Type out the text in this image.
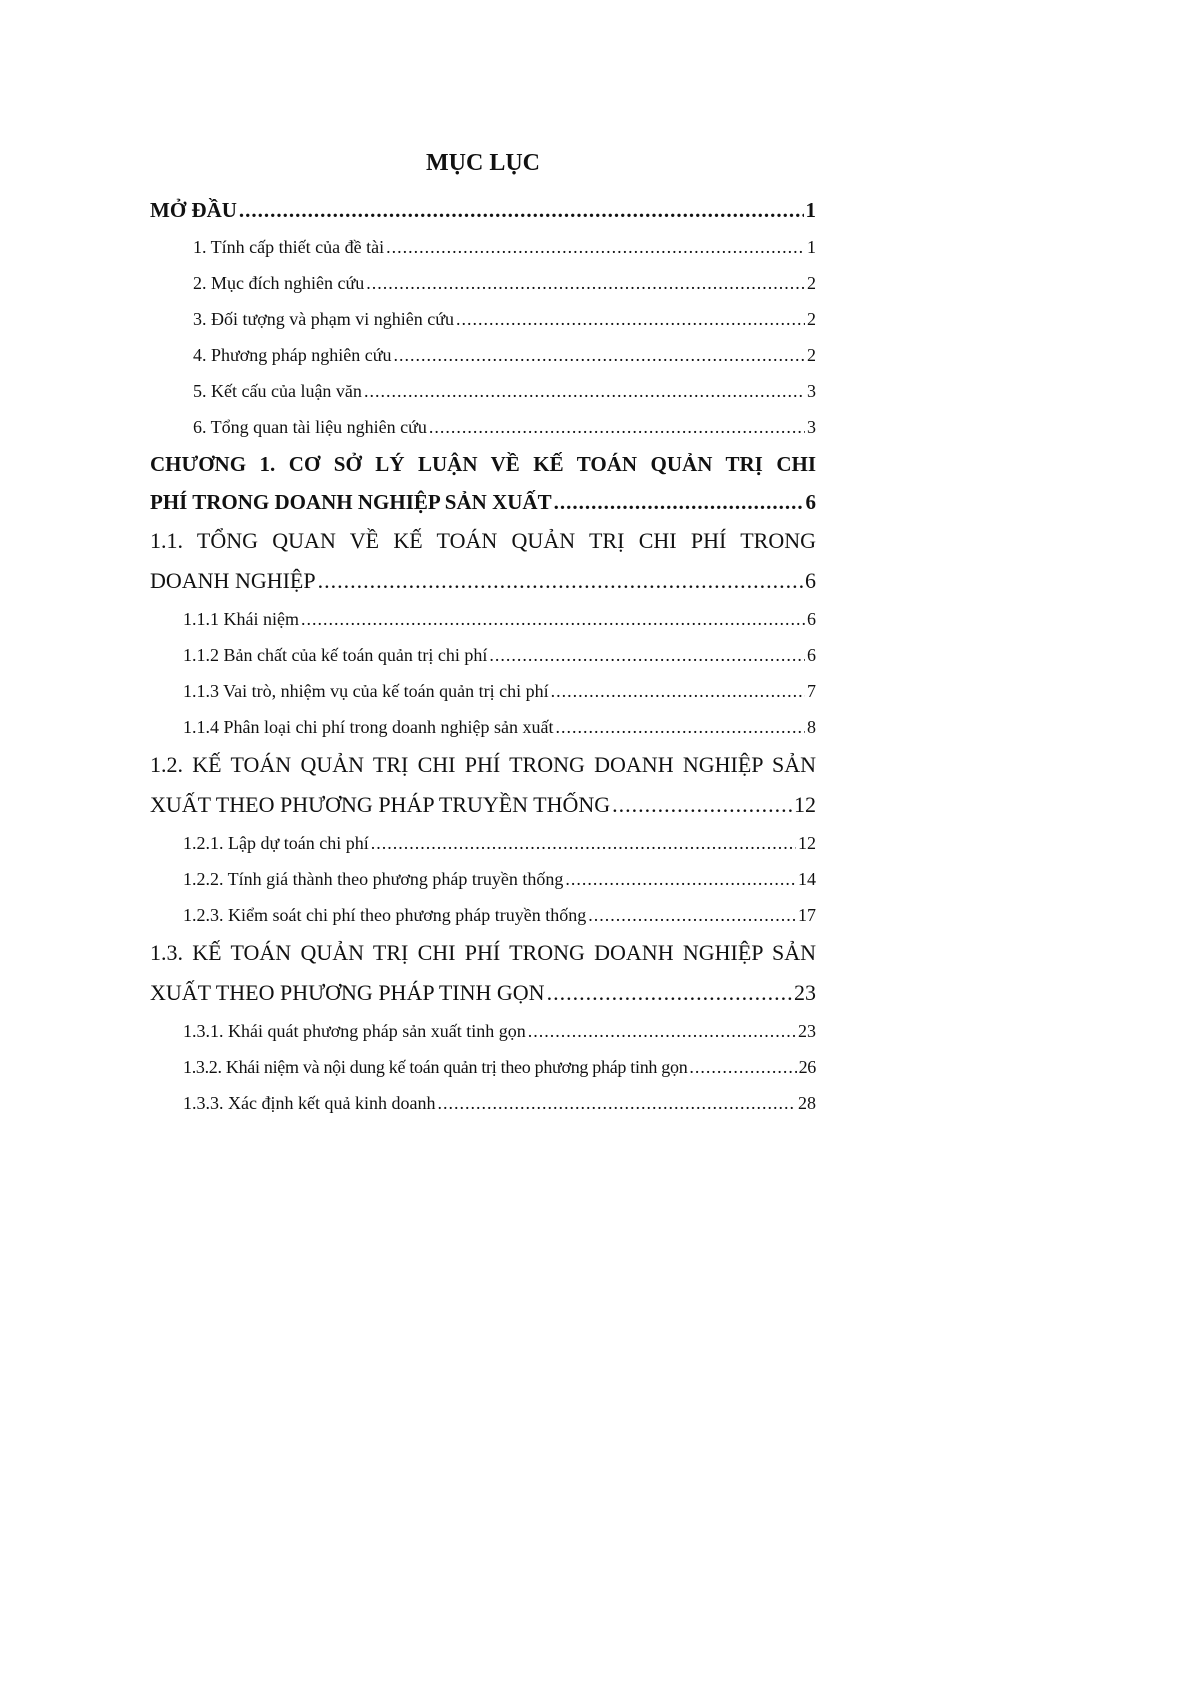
MỤC LỤC
MỞ ĐẦU .....	1
1. Tính cấp thiết của đề tài .....	1
2. Mục đích nghiên cứu .....	2
3. Đối tượng và phạm vi nghiên cứu .....	2
4. Phương pháp nghiên cứu .....	2
5. Kết cấu của luận văn .....	3
6. Tổng quan tài liệu nghiên cứu .....	3
CHƯƠNG 1. CƠ SỞ LÝ LUẬN VỀ KẾ TOÁN QUẢN TRỊ CHI
PHÍ TRONG DOANH NGHIỆP SẢN XUẤT .....	6
1.1. TỔNG QUAN VỀ KẾ TOÁN QUẢN TRỊ CHI PHÍ TRONG
DOANH NGHIỆP .....	6
1.1.1 Khái niệm .....	6
1.1.2 Bản chất của kế toán quản trị chi phí .....	6
1.1.3 Vai trò, nhiệm vụ của kế toán quản trị chi phí .....	7
1.1.4 Phân loại chi phí trong doanh nghiệp sản xuất .....	8
1.2. KẾ TOÁN QUẢN TRỊ CHI PHÍ TRONG DOANH NGHIỆP SẢN
XUẤT THEO PHƯƠNG PHÁP TRUYỀN THỐNG .....	12
1.2.1. Lập dự toán chi phí .....	12
1.2.2. Tính giá thành theo phương pháp truyền thống .....	14
1.2.3. Kiểm soát chi phí theo phương pháp truyền thống .....	17
1.3. KẾ TOÁN QUẢN TRỊ CHI PHÍ TRONG DOANH NGHIỆP SẢN
XUẤT THEO PHƯƠNG PHÁP TINH GỌN .....	23
1.3.1. Khái quát phương pháp sản xuất tinh gọn .....	23
1.3.2. Khái niệm và nội dung kế toán quản trị theo phương pháp tinh gọn .....	26
1.3.3. Xác định kết quả kinh doanh .....	28
